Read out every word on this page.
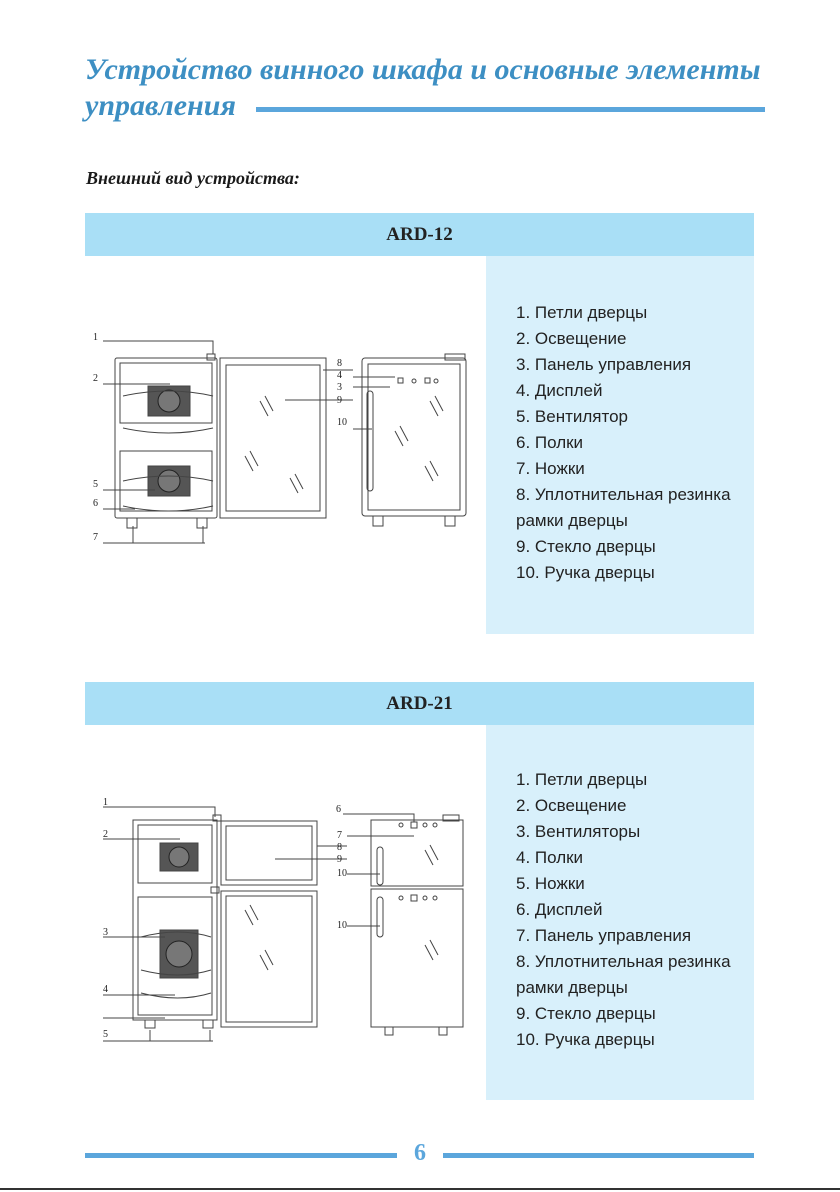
Устройство винного шкафа и основные элементы
управления
Внешний вид устройства:
ARD-12
1
2
5
6
7
8
4
3
9
10
1. Петли дверцы
2. Освещение
3. Панель управления
4. Дисплей
5. Вентилятор
6. Полки
7. Ножки
8. Уплотнительная резинка рамки дверцы
9. Стекло дверцы
10. Ручка дверцы
ARD-21
1
2
3
4
5
6
7
8
9
10
10
1. Петли дверцы
2. Освещение
3. Вентиляторы
4. Полки
5. Ножки
6. Дисплей
7. Панель управления
8. Уплотнительная резинка рамки дверцы
9. Стекло дверцы
10. Ручка дверцы
6
